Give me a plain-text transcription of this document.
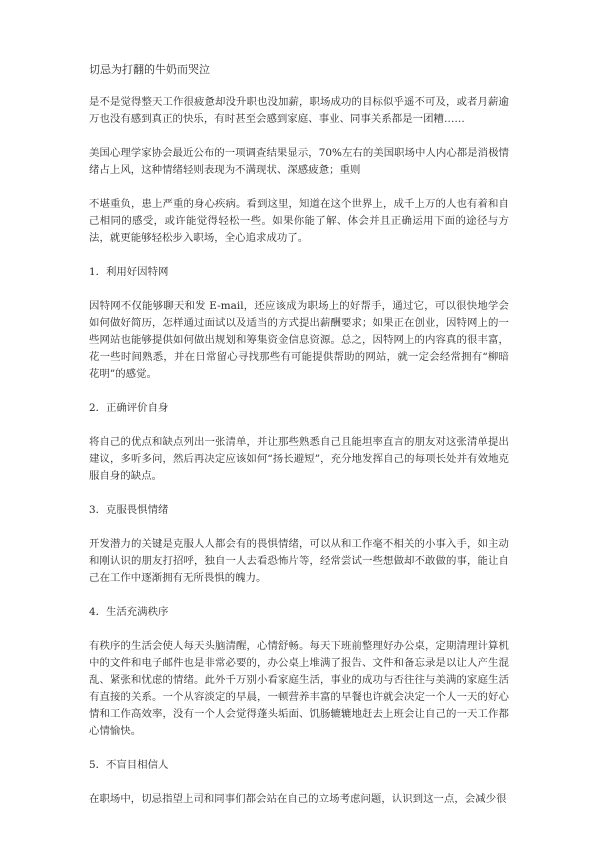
切忌为打翻的牛奶而哭泣

是不是觉得整天工作很疲惫却没升职也没加薪，职场成功的目标似乎遥不可及，或者月薪逾万也没有感到真正的快乐，有时甚至会感到家庭、事业、同事关系都是一团糟……

美国心理学家协会最近公布的一项调查结果显示，70%左右的美国职场中人内心都是消极情绪占上风，这种情绪轻则表现为不满现状、深感疲惫；重则

不堪重负，患上严重的身心疾病。看到这里，知道在这个世界上，成千上万的人也有着和自己相同的感受，或许能觉得轻松一些。如果你能了解、体会并且正确运用下面的途径与方法，就更能够轻松步入职场，全心追求成功了。

1．利用好因特网

因特网不仅能够聊天和发 E-mail，还应该成为职场上的好帮手，通过它，可以很快地学会如何做好简历，怎样通过面试以及适当的方式提出薪酬要求；如果正在创业，因特网上的一些网站也能够提供如何做出规划和筹集资金信息资源。总之，因特网上的内容真的很丰富，花一些时间熟悉，并在日常留心寻找那些有可能提供帮助的网站，就一定会经常拥有“柳暗花明”的感觉。

2．正确评价自身

将自己的优点和缺点列出一张清单，并让那些熟悉自己且能坦率直言的朋友对这张清单提出建议，多听多问，然后再决定应该如何“扬长避短”，充分地发挥自己的每项长处并有效地克服自身的缺点。

3．克服畏惧情绪

开发潜力的关键是克服人人都会有的畏惧情绪，可以从和工作毫不相关的小事入手，如主动和刚认识的朋友打招呼，独自一人去看恐怖片等，经常尝试一些想做却不敢做的事，能让自己在工作中逐渐拥有无所畏惧的魄力。

4．生活充满秩序

有秩序的生活会使人每天头脑清醒，心情舒畅。每天下班前整理好办公桌，定期清理计算机中的文件和电子邮件也是非常必要的，办公桌上堆满了报告、文件和备忘录是以让人产生混乱、紧张和忧虑的情绪。此外千万别小看家庭生活，事业的成功与否往往与美满的家庭生活有直接的关系。一个从容淡定的早晨，一顿营养丰富的早餐也许就会决定一个人一天的好心情和工作高效率，没有一个人会觉得蓬头垢面、饥肠辘辘地赶去上班会让自己的一天工作都心情愉快。

5．不盲目相信人

在职场中，切忌指望上司和同事们都会站在自己的立场考虑问题，认识到这一点，会减少很
